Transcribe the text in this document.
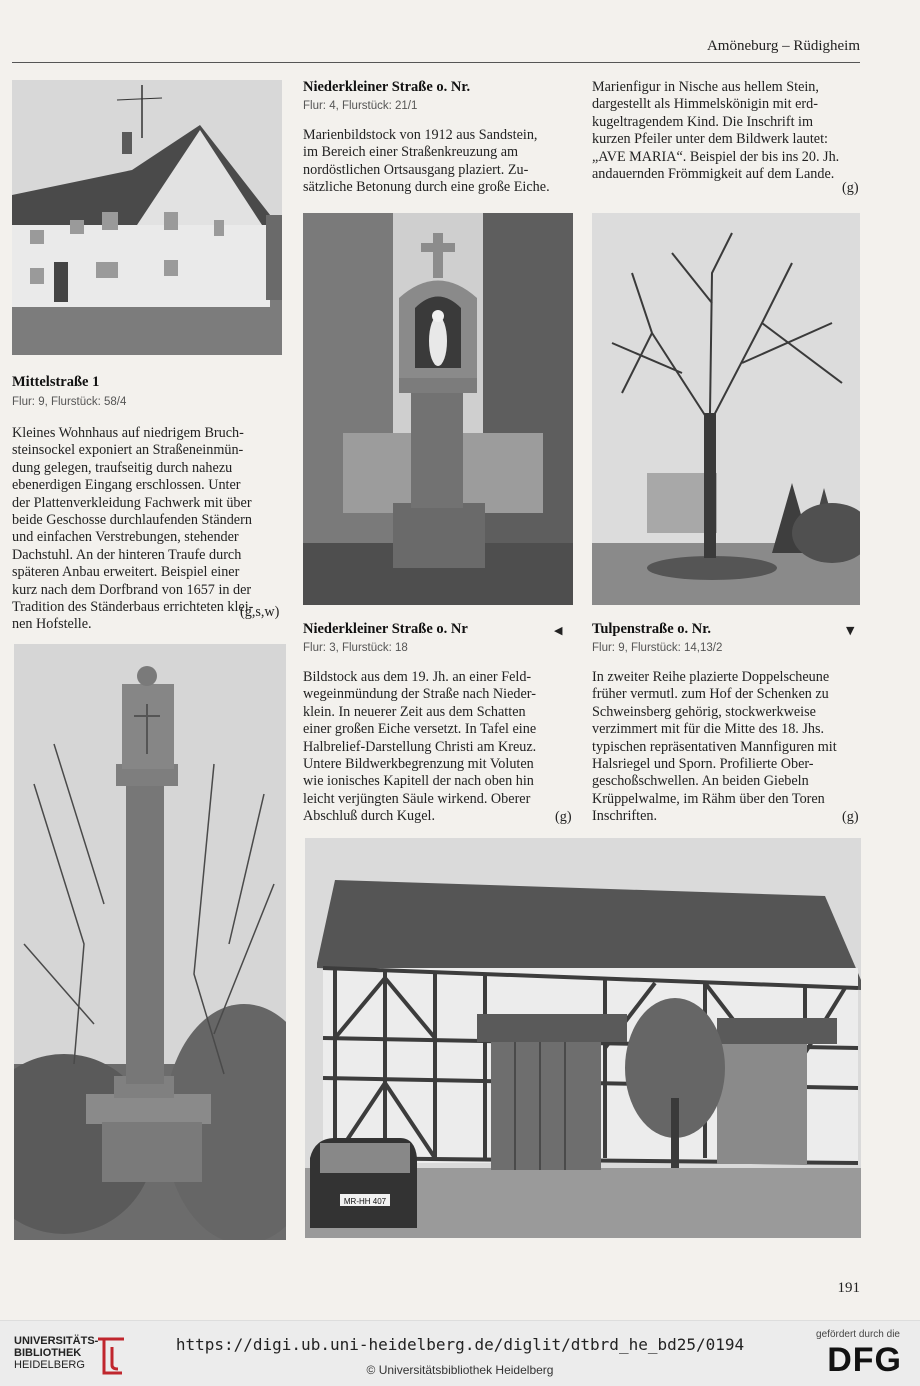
Amöneburg – Rüdigheim
Mittelstraße 1
Flur: 9, Flurstück: 58/4
Kleines Wohnhaus auf niedrigem Bruch-
steinsockel exponiert an Straßeneinmün-
dung gelegen, traufseitig durch nahezu
ebenerdigen Eingang erschlossen. Unter
der Plattenverkleidung Fachwerk mit über
beide Geschosse durchlaufenden Ständern
und einfachen Verstrebungen, stehender
Dachstuhl. An der hinteren Traufe durch
späteren Anbau erweitert. Beispiel einer
kurz nach dem Dorfbrand von 1657 in der
Tradition des Ständerbaus errichteten klei-
nen Hofstelle.
(g,s,w)
Niederkleiner Straße o. Nr.
Flur: 4, Flurstück: 21/1
Marienbildstock von 1912 aus Sandstein,
im Bereich einer Straßenkreuzung am
nordöstlichen Ortsausgang plaziert. Zu-
sätzliche Betonung durch eine große Eiche.
Marienfigur in Nische aus hellem Stein,
dargestellt als Himmelskönigin mit erd-
kugeltragendem Kind. Die Inschrift im
kurzen Pfeiler unter dem Bildwerk lautet:
„AVE MARIA“. Beispiel der bis ins 20. Jh.
andauernden Frömmigkeit auf dem Lande.
(g)
Niederkleiner Straße o. Nr	◀
Flur: 3, Flurstück: 18
Bildstock aus dem 19. Jh. an einer Feld-
wegeinmündung der Straße nach Nieder-
klein. In neuerer Zeit aus dem Schatten
einer großen Eiche versetzt. In Tafel eine
Halbrelief-Darstellung Christi am Kreuz.
Untere Bildwerkbegrenzung mit Voluten
wie ionisches Kapitell der nach oben hin
leicht verjüngten Säule wirkend. Oberer
Abschluß durch Kugel.	(g)
Tulpenstraße o. Nr.	▼
Flur: 9, Flurstück: 14,13/2
In zweiter Reihe plazierte Doppelscheune
früher vermutl. zum Hof der Schenken zu
Schweinsberg gehörig, stockwerkweise
verzimmert mit für die Mitte des 18. Jhs.
typischen repräsentativen Mannfiguren mit
Halsriegel und Sporn. Profilierte Ober-
geschoßschwellen. An beiden Giebeln
Krüppelwalme, im Rähm über den Toren
Inschriften.	(g)
MR-HH 407
191
UNIVERSITÄTS-
BIBLIOTHEK
HEIDELBERG
https://digi.ub.uni-heidelberg.de/diglit/dtbrd_he_bd25/0194
© Universitätsbibliothek Heidelberg
gefördert durch die
DFG
